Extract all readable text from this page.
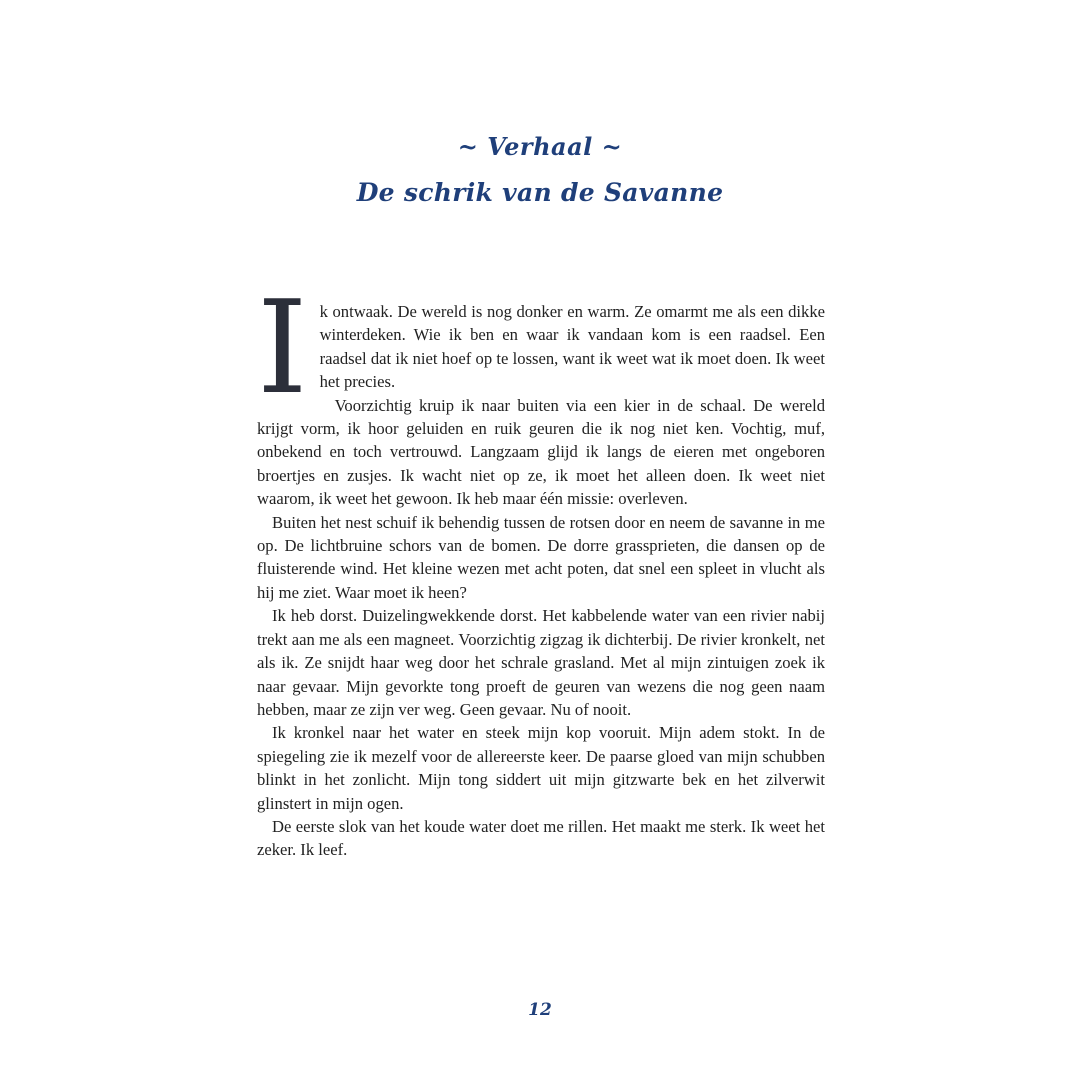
~ Verhaal ~
De schrik van de Savanne

Ik ontwaak. De wereld is nog donker en warm. Ze omarmt me als een dikke winterdeken. Wie ik ben en waar ik vandaan kom is een raadsel. Een raadsel dat ik niet hoef op te lossen, want ik weet wat ik moet doen. Ik weet het precies.

Voorzichtig kruip ik naar buiten via een kier in de schaal. De wereld krijgt vorm, ik hoor geluiden en ruik geuren die ik nog niet ken. Vochtig, muf, onbekend en toch vertrouwd. Langzaam glijd ik langs de eieren met ongeboren broertjes en zusjes. Ik wacht niet op ze, ik moet het alleen doen. Ik weet niet waarom, ik weet het gewoon. Ik heb maar één missie: overleven.

Buiten het nest schuif ik behendig tussen de rotsen door en neem de savanne in me op. De lichtbruine schors van de bomen. De dorre grassprieten, die dansen op de fluisterende wind. Het kleine wezen met acht poten, dat snel een spleet in vlucht als hij me ziet. Waar moet ik heen?

Ik heb dorst. Duizelingwekkende dorst. Het kabbelende water van een rivier nabij trekt aan me als een magneet. Voorzichtig zigzag ik dichterbij. De rivier kronkelt, net als ik. Ze snijdt haar weg door het schrale grasland. Met al mijn zintuigen zoek ik naar gevaar. Mijn gevorkte tong proeft de geuren van wezens die nog geen naam hebben, maar ze zijn ver weg. Geen gevaar. Nu of nooit.

Ik kronkel naar het water en steek mijn kop vooruit. Mijn adem stokt. In de spiegeling zie ik mezelf voor de allereerste keer. De paarse gloed van mijn schubben blinkt in het zonlicht. Mijn tong siddert uit mijn gitzwarte bek en het zilverwit glinstert in mijn ogen.

De eerste slok van het koude water doet me rillen. Het maakt me sterk. Ik weet het zeker. Ik leef.

12
